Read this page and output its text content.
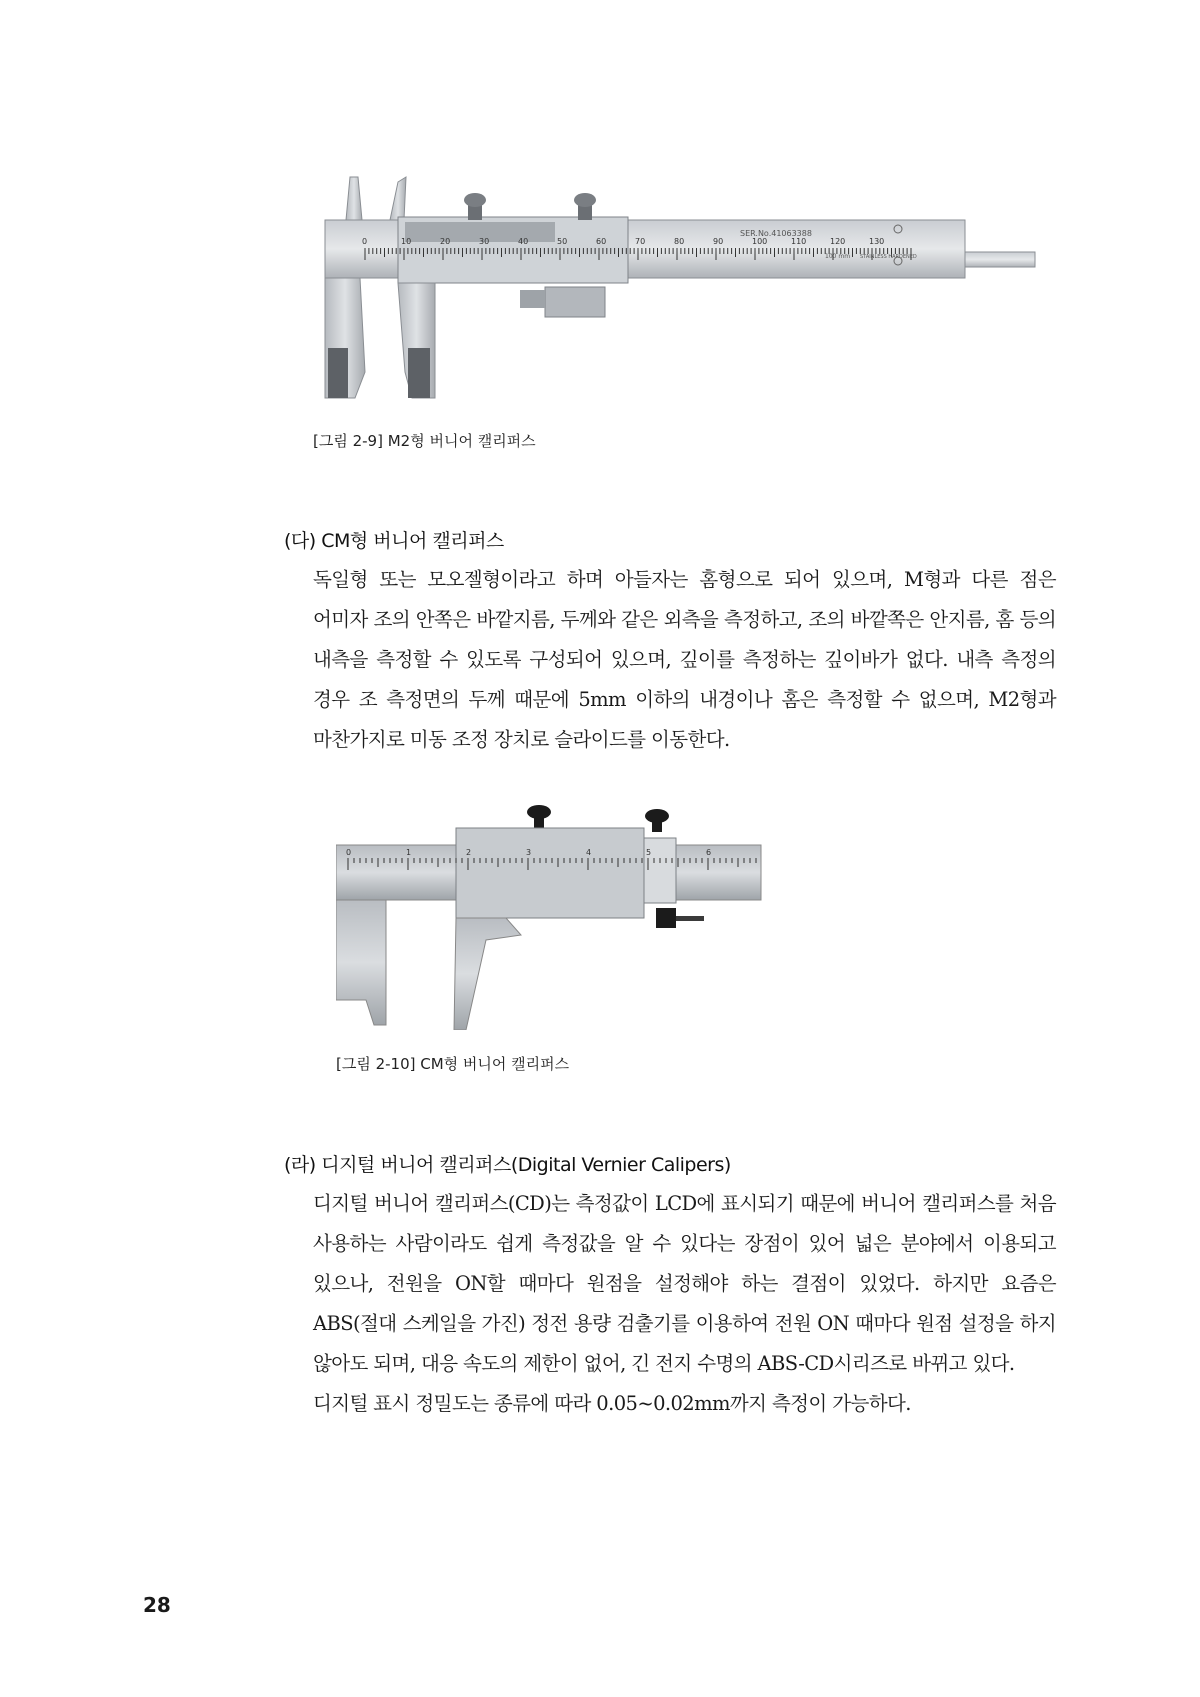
0	10	20	30	40	50	60	70	80	90	100	110	120	130
SER.No.41063388
100 mm STAINLESS HARDENED
[그림 2-9] M2형 버니어 캘리퍼스
(다) CM형 버니어 캘리퍼스

독일형 또는 모오젤형이라고 하며 아들자는 홈형으로 되어 있으며, M형과 다른 점은 어미자 조의 안쪽은 바깥지름, 두께와 같은 외측을 측정하고, 조의 바깥쪽은 안지름, 홈 등의 내측을 측정할 수 있도록 구성되어 있으며, 깊이를 측정하는 깊이바가 없다. 내측 측정의 경우 조 측정면의 두께 때문에 5mm 이하의 내경이나 홈은 측정할 수 없으며, M2형과 마찬가지로 미동 조정 장치로 슬라이드를 이동한다.

0	1	2	3	4	5	6
[그림 2-10] CM형 버니어 캘리퍼스
(라) 디지털 버니어 캘리퍼스(Digital Vernier Calipers)

디지털 버니어 캘리퍼스(CD)는 측정값이 LCD에 표시되기 때문에 버니어 캘리퍼스를 처음 사용하는 사람이라도 쉽게 측정값을 알 수 있다는 장점이 있어 넓은 분야에서 이용되고 있으나, 전원을 ON할 때마다 원점을 설정해야 하는 결점이 있었다. 하지만 요즘은 ABS(절대 스케일을 가진) 정전 용량 검출기를 이용하여 전원 ON 때마다 원점 설정을 하지 않아도 되며, 대응 속도의 제한이 없어, 긴 전지 수명의 ABS-CD시리즈로 바뀌고 있다.

디지털 표시 정밀도는 종류에 따라 0.05~0.02mm까지 측정이 가능하다.

28
